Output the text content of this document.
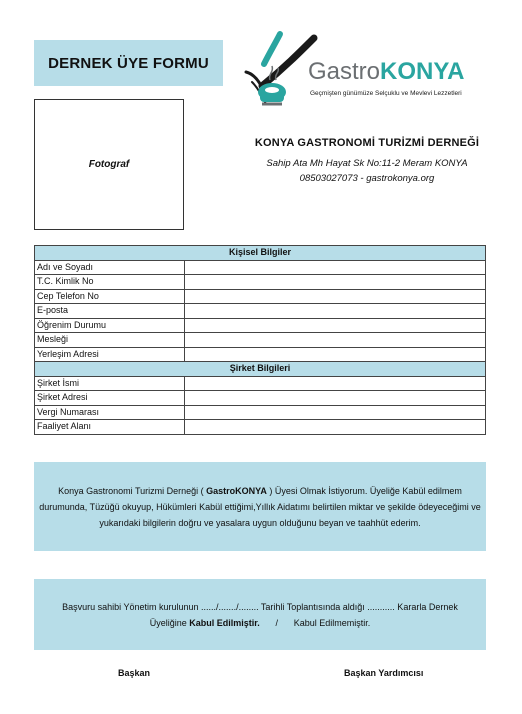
DERNEK ÜYE FORMU	GastroKONYA
Geçmişten günümüze Selçuklu ve Mevlevi Lezzetleri
Fotograf
KONYA GASTRONOMİ TURİZMİ DERNEĞİ
Sahip Ata Mh Hayat Sk No:11-2 Meram KONYA
08503027073 - gastrokonya.org
Kişisel Bilgiler	
Adı ve Soyadı	
T.C. Kimlik No	
Cep Telefon No	
E-posta	
Öğrenim Durumu	
Mesleği	
Yerleşim Adresi	
Şirket Bilgileri	
Şirket İsmi	
Şirket Adresi	
Vergi Numarası	
Faaliyet Alanı	
Konya Gastronomi Turizmi Derneği ( GastroKONYA ) Üyesi Olmak İstiyorum. Üyeliğe Kabül edilmem durumunda, Tüzüğü okuyup, Hükümleri Kabül ettiğimi,Yıllık Aidatımı belirtilen miktar ve şekilde ödeyeceğimi ve yukarıdaki bilgilerin doğru ve yasalara uygun olduğunu beyan ve taahhüt ederim.
Başvuru sahibi Yönetim kurulunun ....../......./........ Tarihli Toplantısında aldığı ........... Kararla Dernek
Üyeliğine Kabul Edilmiştir. / Kabul Edilmemiştir.
Başkan	Başkan Yardımcısı
